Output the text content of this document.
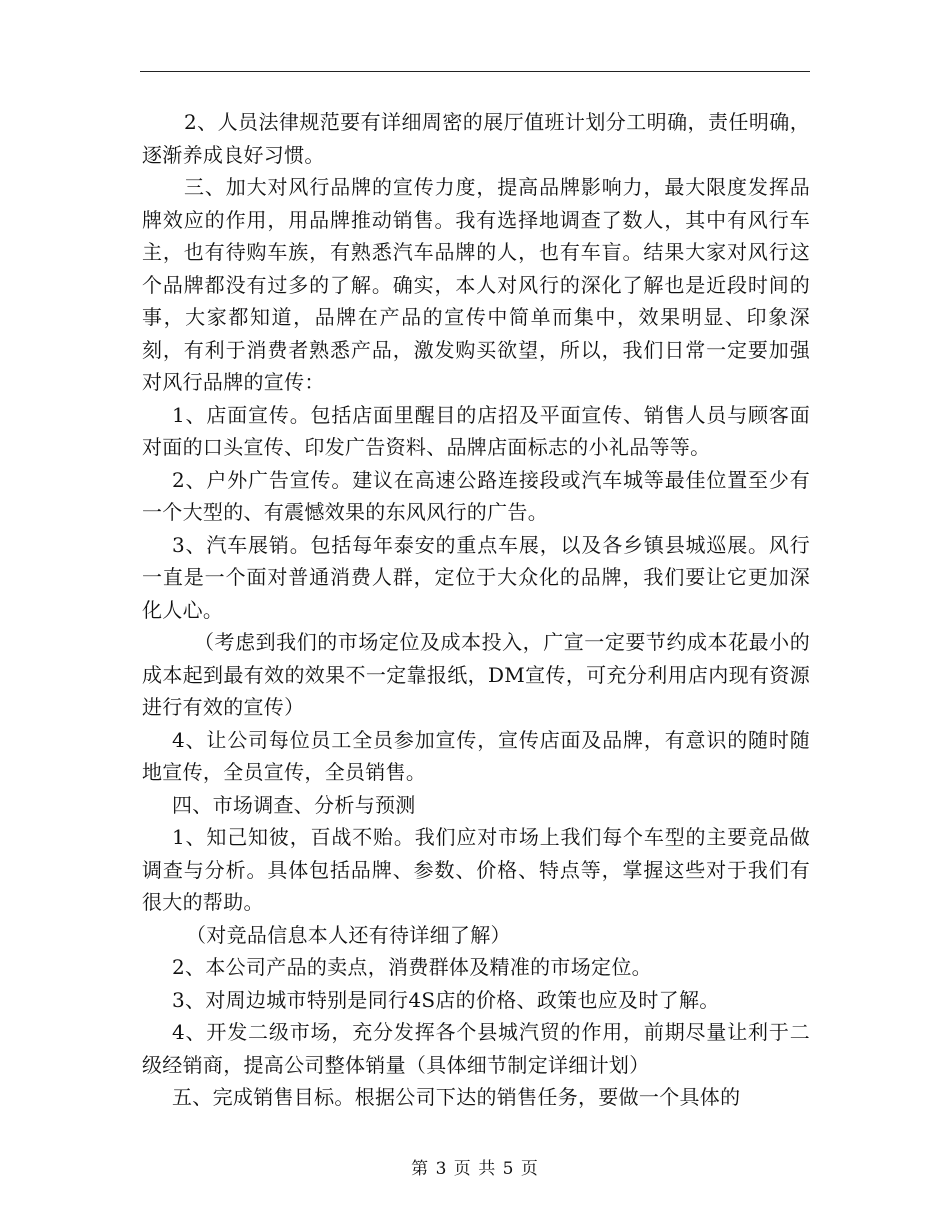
2、人员法律规范要有详细周密的展厅值班计划分工明确，责任明确，逐渐养成良好习惯。

三、加大对风行品牌的宣传力度，提高品牌影响力，最大限度发挥品牌效应的作用，用品牌推动销售。我有选择地调查了数人，其中有风行车主，也有待购车族，有熟悉汽车品牌的人，也有车盲。结果大家对风行这个品牌都没有过多的了解。确实，本人对风行的深化了解也是近段时间的事，大家都知道，品牌在产品的宣传中简单而集中，效果明显、印象深刻，有利于消费者熟悉产品，激发购买欲望，所以，我们日常一定要加强对风行品牌的宣传：

1、店面宣传。包括店面里醒目的店招及平面宣传、销售人员与顾客面对面的口头宣传、印发广告资料、品牌店面标志的小礼品等等。

2、户外广告宣传。建议在高速公路连接段或汽车城等最佳位置至少有一个大型的、有震憾效果的东风风行的广告。

3、汽车展销。包括每年泰安的重点车展，以及各乡镇县城巡展。风行一直是一个面对普通消费人群，定位于大众化的品牌，我们要让它更加深化人心。

（考虑到我们的市场定位及成本投入，广宣一定要节约成本花最小的成本起到最有效的效果不一定靠报纸，DM宣传，可充分利用店内现有资源进行有效的宣传）

4、让公司每位员工全员参加宣传，宣传店面及品牌，有意识的随时随地宣传，全员宣传，全员销售。

四、市场调查、分析与预测

1、知己知彼，百战不贻。我们应对市场上我们每个车型的主要竞品做调查与分析。具体包括品牌、参数、价格、特点等，掌握这些对于我们有很大的帮助。

（对竞品信息本人还有待详细了解）

2、本公司产品的卖点，消费群体及精准的市场定位。

3、对周边城市特别是同行4S店的价格、政策也应及时了解。

4、开发二级市场，充分发挥各个县城汽贸的作用，前期尽量让利于二级经销商，提高公司整体销量（具体细节制定详细计划）

五、完成销售目标。根据公司下达的销售任务，要做一个具体的

第 3 页 共 5 页
